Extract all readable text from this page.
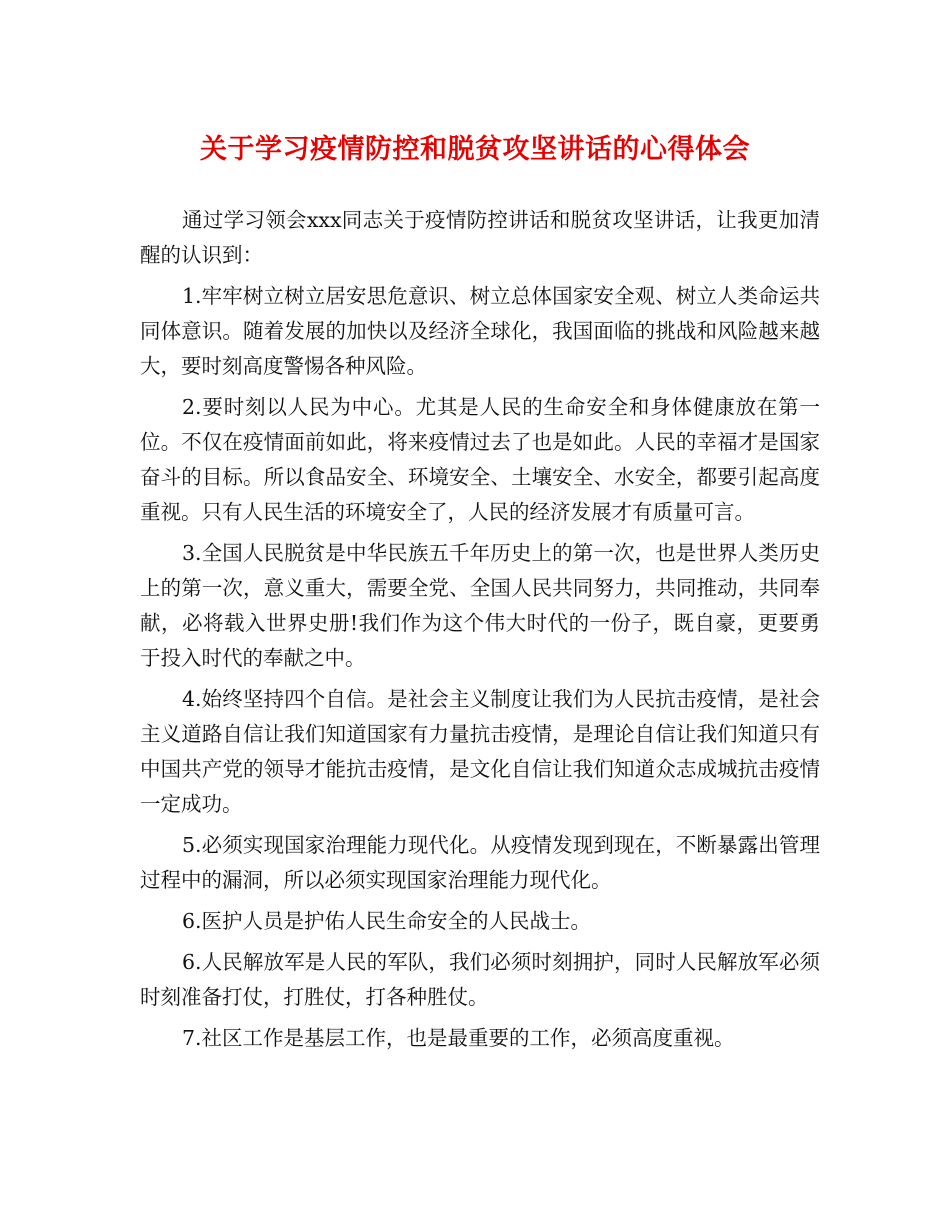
关于学习疫情防控和脱贫攻坚讲话的心得体会

通过学习领会xxx同志关于疫情防控讲话和脱贫攻坚讲话，让我更加清醒的认识到：

1.牢牢树立树立居安思危意识、树立总体国家安全观、树立人类命运共同体意识。随着发展的加快以及经济全球化，我国面临的挑战和风险越来越大，要时刻高度警惕各种风险。

2.要时刻以人民为中心。尤其是人民的生命安全和身体健康放在第一位。不仅在疫情面前如此，将来疫情过去了也是如此。人民的幸福才是国家奋斗的目标。所以食品安全、环境安全、土壤安全、水安全，都要引起高度重视。只有人民生活的环境安全了，人民的经济发展才有质量可言。

3.全国人民脱贫是中华民族五千年历史上的第一次，也是世界人类历史上的第一次，意义重大，需要全党、全国人民共同努力，共同推动，共同奉献，必将载入世界史册!我们作为这个伟大时代的一份子，既自豪，更要勇于投入时代的奉献之中。

4.始终坚持四个自信。是社会主义制度让我们为人民抗击疫情，是社会主义道路自信让我们知道国家有力量抗击疫情，是理论自信让我们知道只有中国共产党的领导才能抗击疫情，是文化自信让我们知道众志成城抗击疫情一定成功。

5.必须实现国家治理能力现代化。从疫情发现到现在，不断暴露出管理过程中的漏洞，所以必须实现国家治理能力现代化。

6.医护人员是护佑人民生命安全的人民战士。

6.人民解放军是人民的军队，我们必须时刻拥护，同时人民解放军必须时刻准备打仗，打胜仗，打各种胜仗。

7.社区工作是基层工作，也是最重要的工作，必须高度重视。
